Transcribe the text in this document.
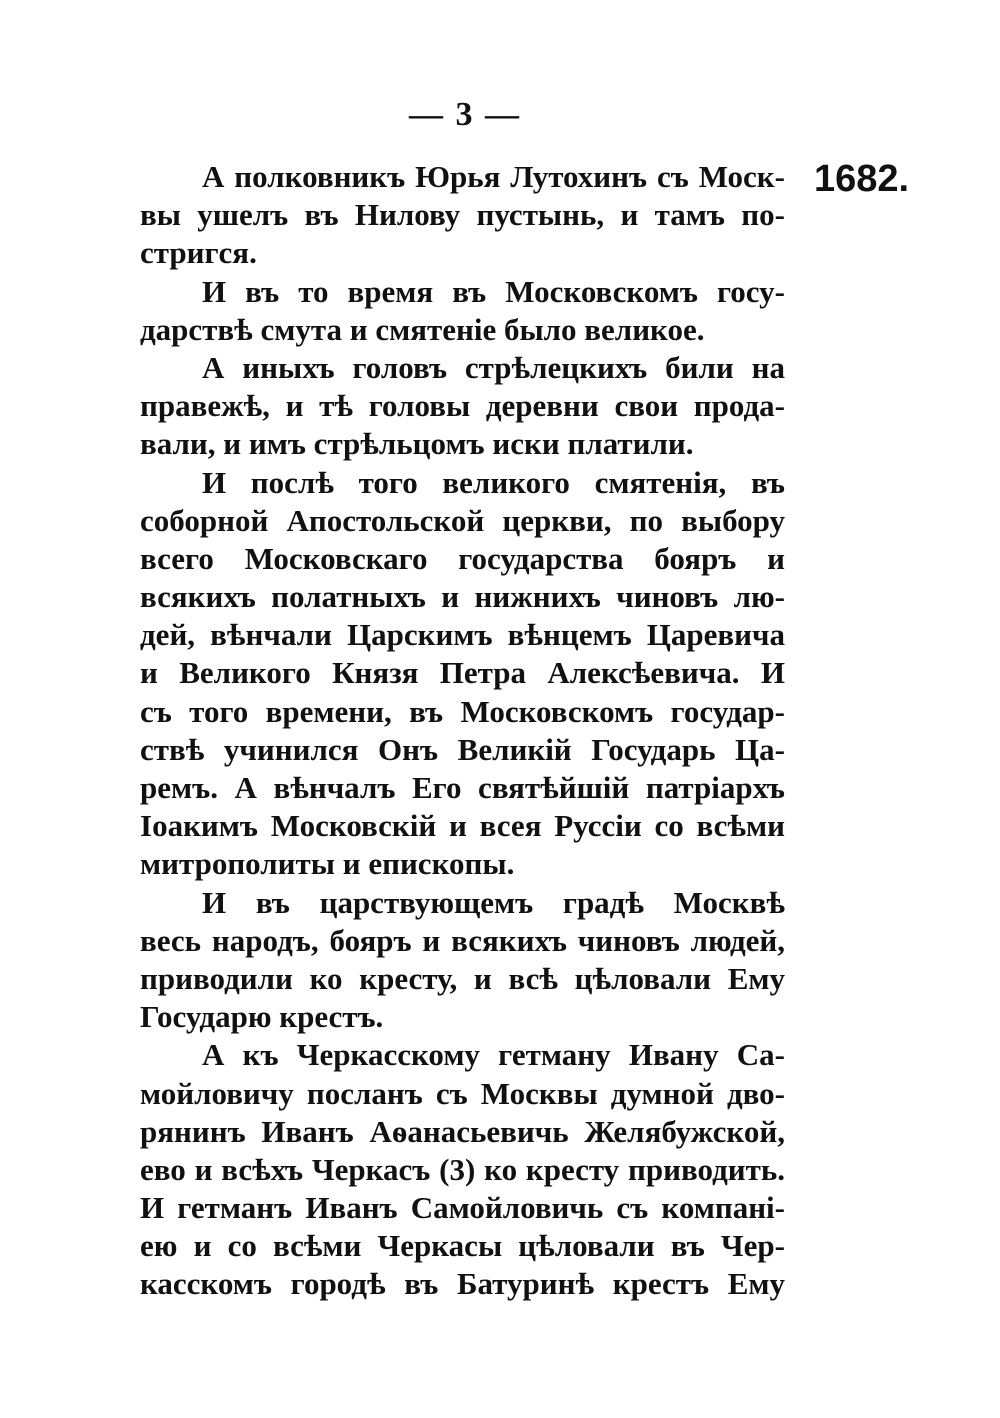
— 3 —
1682.
А полковникъ Юрья Лутохинъ съ Моск-
вы ушелъ въ Нилову пустынь, и тамъ по-
стригся.
И въ то время въ Московскомъ госу-
дарствѣ смута и смятеніе было великое.
А иныхъ головъ стрѣлецкихъ били на
правежѣ, и тѣ головы деревни свои прода-
вали, и имъ стрѣльцомъ иски платили.
И послѣ того великого смятенія, въ
соборной Апостольской церкви, по выбору
всего Московскаго государства бояръ и
всякихъ полатныхъ и нижнихъ чиновъ лю-
дей, вѣнчали Царскимъ вѣнцемъ Царевича
и Великого Князя Петра Алексѣевича. И
съ того времени, въ Московскомъ государ-
ствѣ учинился Онъ Великій Государь Ца-
ремъ. А вѣнчалъ Его святѣйшій патріархъ
Іоакимъ Московскій и всея Руссіи со всѣми
митрополиты и епископы.
И въ царствующемъ градѣ Москвѣ
весь народъ, бояръ и всякихъ чиновъ людей,
приводили ко кресту, и всѣ цѣловали Ему
Государю крестъ.
А къ Черкасскому гетману Ивану Са-
мойловичу посланъ съ Москвы думной дво-
рянинъ Иванъ Аѳанасьевичь Желябужской,
ево и всѣхъ Черкасъ (3) ко кресту приводить.
И гетманъ Иванъ Самойловичь съ компані-
ею и со всѣми Черкасы цѣловали въ Чер-
касскомъ городѣ въ Батуринѣ крестъ Ему
